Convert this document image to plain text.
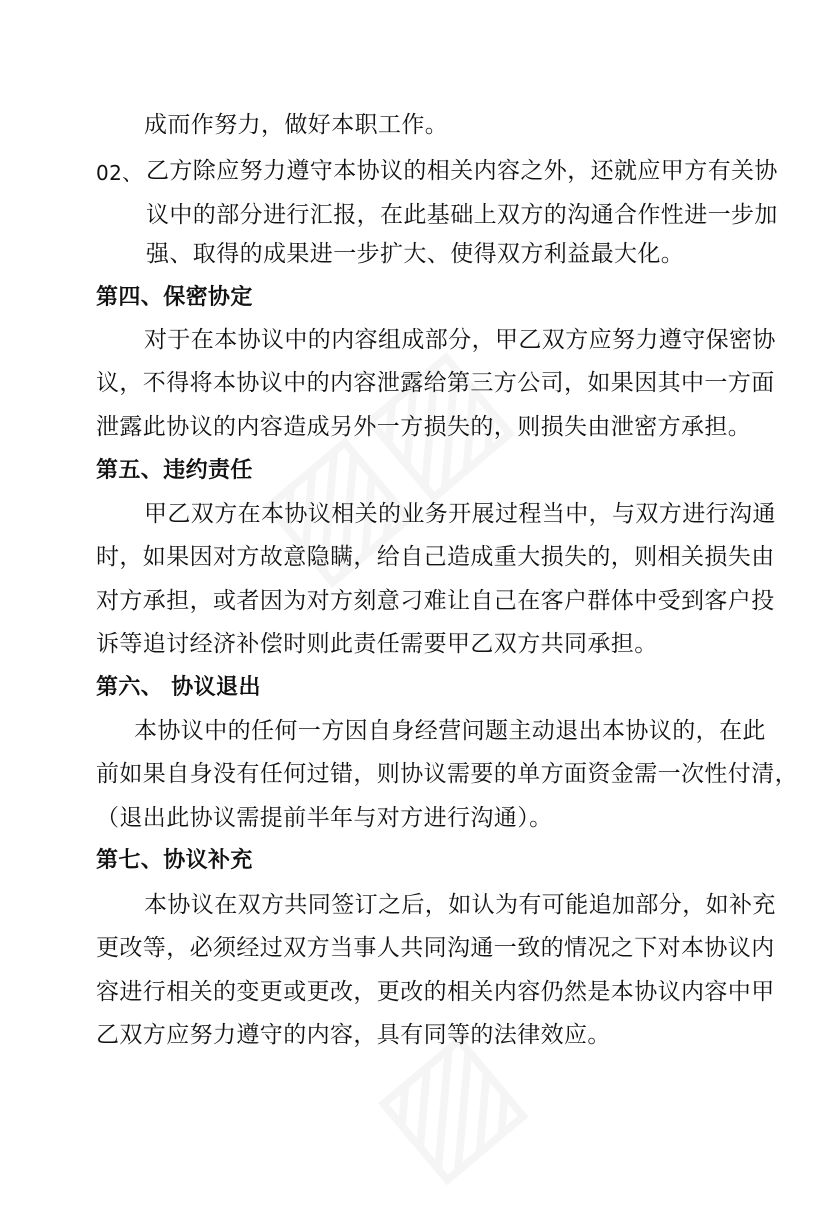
成而作努力，做好本职工作。

02、 乙方除应努力遵守本协议的相关内容之外，还就应甲方有关协

议中的部分进行汇报，在此基础上双方的沟通合作性进一步加

强、取得的成果进一步扩大、使得双方利益最大化。

第四、保密协定

对于在本协议中的内容组成部分，甲乙双方应努力遵守保密协

议，不得将本协议中的内容泄露给第三方公司，如果因其中一方面

泄露此协议的内容造成另外一方损失的，则损失由泄密方承担。

第五、违约责任

甲乙双方在本协议相关的业务开展过程当中，与双方进行沟通

时，如果因对方故意隐瞒，给自己造成重大损失的，则相关损失由

对方承担，或者因为对方刻意刁难让自己在客户群体中受到客户投

诉等追讨经济补偿时则此责任需要甲乙双方共同承担。

第六、 协议退出

本协议中的任何一方因自身经营问题主动退出本协议的，在此

前如果自身没有任何过错，则协议需要的单方面资金需一次性付清，

（退出此协议需提前半年与对方进行沟通）。

第七、协议补充

本协议在双方共同签订之后，如认为有可能追加部分，如补充

更改等，必须经过双方当事人共同沟通一致的情况之下对本协议内

容进行相关的变更或更改，更改的相关内容仍然是本协议内容中甲

乙双方应努力遵守的内容，具有同等的法律效应。
